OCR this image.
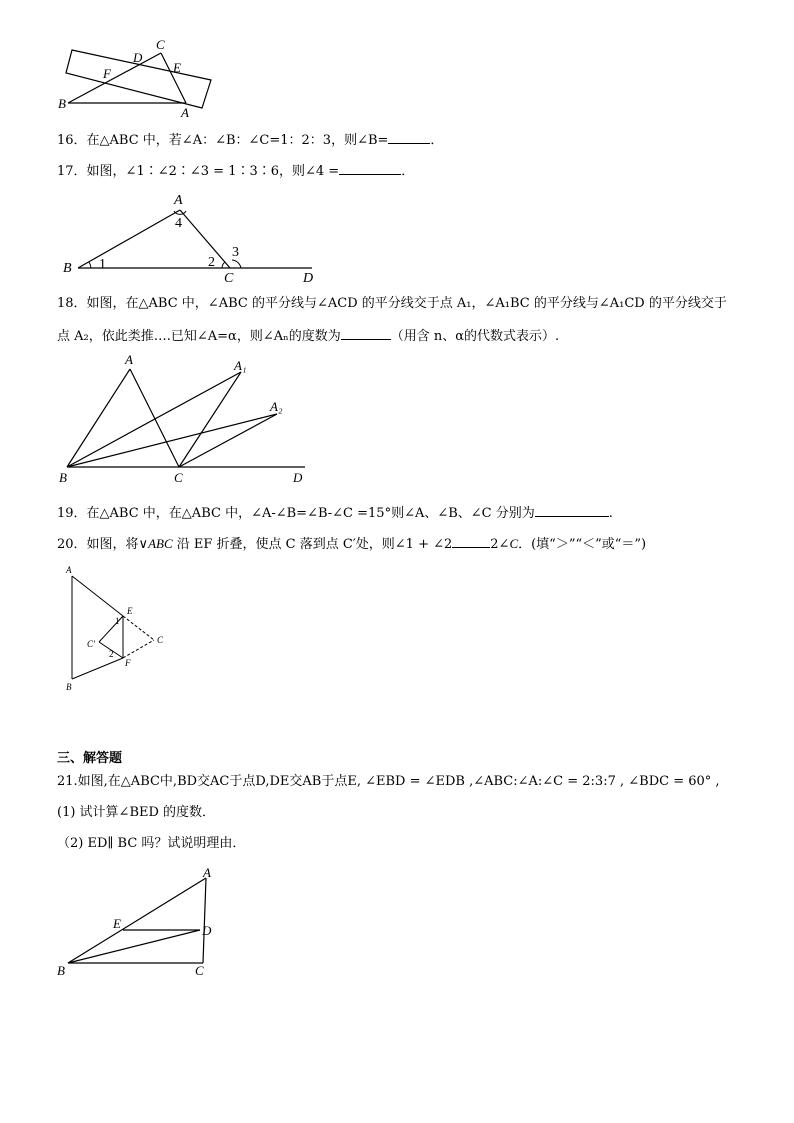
C
D
E
F
B
A
16．在△ABC 中，若∠A：∠B：∠C=1：2：3，则∠B=	．
17．如图，∠1∶∠2∶∠3 = 1∶3∶6，则∠4 =	．
A
4
B 1	2
3
C	D
18．如图，在△ABC 中，∠ABC 的平分线与∠ACD 的平分线交于点 A₁，∠A₁BC 的平分线与∠A₁CD 的平分线交于
点 A₂，依此类推….已知∠A=α，则∠Aₙ的度数为	（用含 n、α的代数式表示）.
A	A₁
A₂
B	C	D
19．在△ABC 中，在△ABC 中，∠A-∠B=∠B-∠C =15°则∠A、∠B、∠C 分别为	.
20．如图，将∨ABC 沿 EF 折叠，使点 C 落到点 C′处，则∠1 + ∠2	2∠C．(填“＞”“＜”或“＝”)
A
B
C
C′
E
F
1
2
三、解答题
21.如图,在△ABC中,BD交AC于点D,DE交AB于点E, ∠EBD = ∠EDB ,∠ABC:∠A:∠C = 2:3:7 , ∠BDC = 60° ,
(1) 试计算∠BED 的度数．
（2) ED∥ BC 吗？试说明理由．
A
E	D
B	C
